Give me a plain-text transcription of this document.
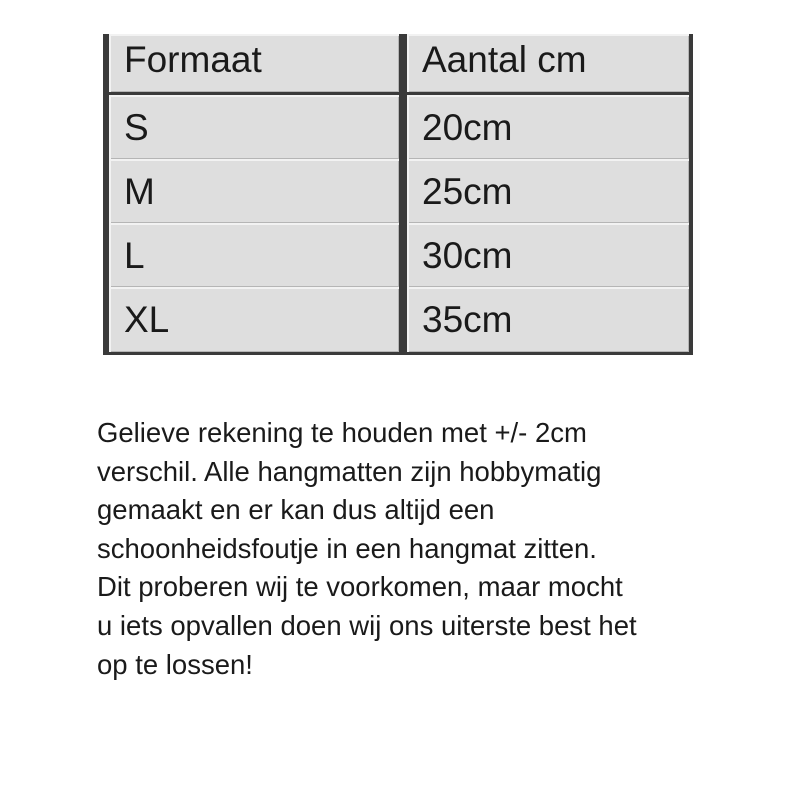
Formaat	Aantal cm
S	20cm
M	25cm
L	30cm
XL	35cm

Gelieve rekening te houden met +/- 2cm
verschil. Alle hangmatten zijn hobbymatig
gemaakt en er kan dus altijd een
schoonheidsfoutje in een hangmat zitten.
Dit proberen wij te voorkomen, maar mocht
u iets opvallen doen wij ons uiterste best het
op te lossen!
